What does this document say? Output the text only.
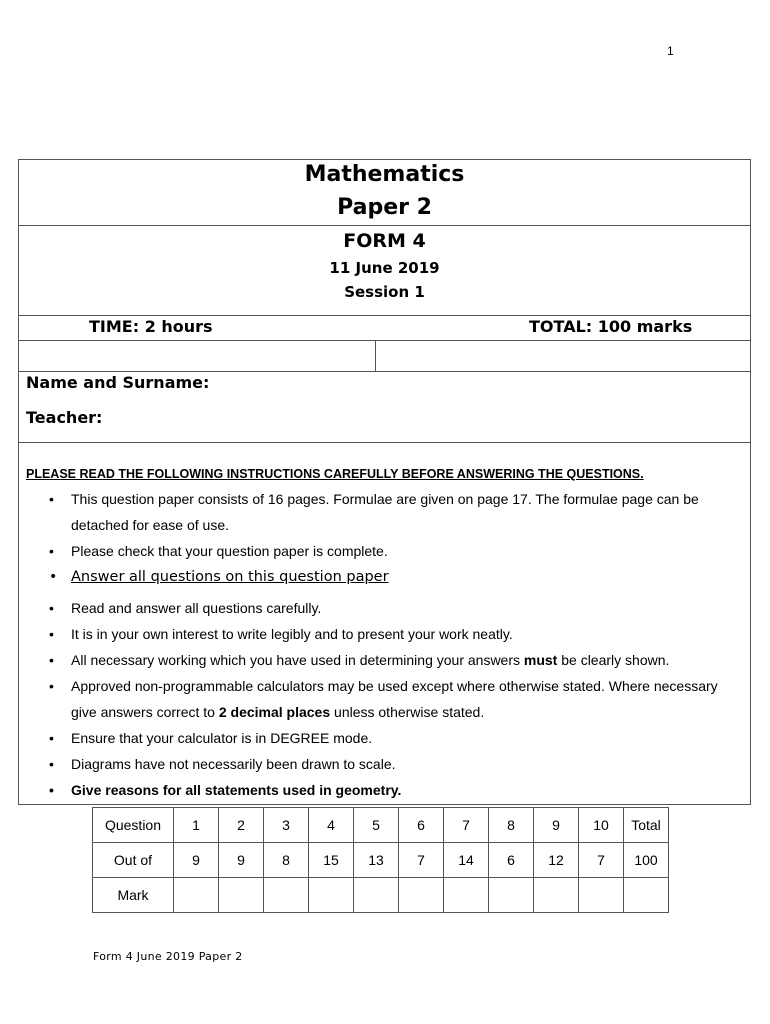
1
Mathematics
Paper 2
FORM 4
11 June 2019
Session 1
TIME: 2 hours	TOTAL: 100 marks
Name and Surname:
Teacher:
PLEASE READ THE FOLLOWING INSTRUCTIONS CAREFULLY BEFORE ANSWERING THE QUESTIONS.
• This question paper consists of 16 pages. Formulae are given on page 17. The formulae page can be detached for ease of use.
• Please check that your question paper is complete.
• Answer all questions on this question paper
• Read and answer all questions carefully.
• It is in your own interest to write legibly and to present your work neatly.
• All necessary working which you have used in determining your answers must be clearly shown.
• Approved non-programmable calculators may be used except where otherwise stated. Where necessary give answers correct to 2 decimal places unless otherwise stated.
• Ensure that your calculator is in DEGREE mode.
• Diagrams have not necessarily been drawn to scale.
• Give reasons for all statements used in geometry.
Question	1	2	3	4	5	6	7	8	9	10	Total
Out of	9	9	8	15	13	7	14	6	12	7	100
Mark											
Form 4 June 2019 Paper 2
